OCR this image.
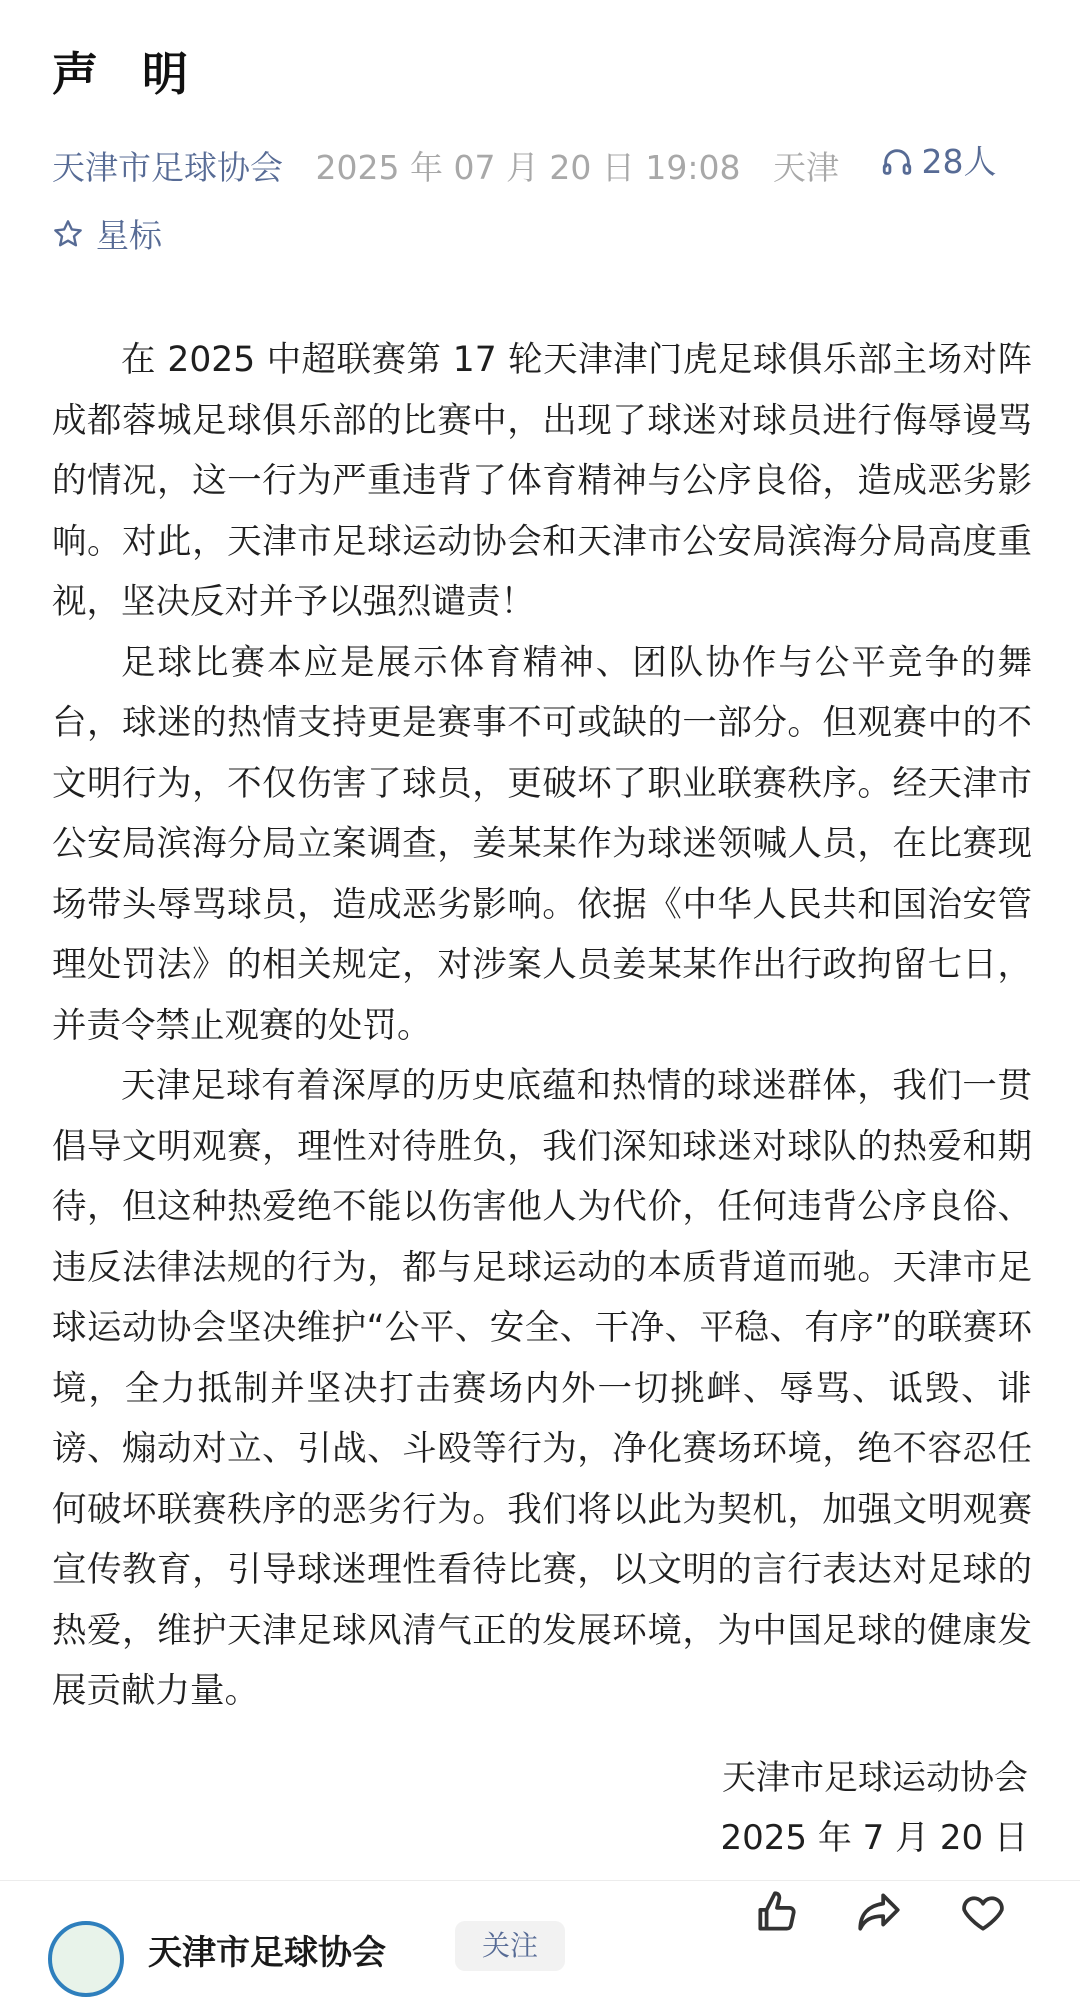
声 明
天津市足球协会 2025 年 07 月 20 日 19:08 天津	28人
星标

在 2025 中超联赛第 17 轮天津津门虎足球俱乐部主场对阵成都蓉城足球俱乐部的比赛中，出现了球迷对球员进行侮辱谩骂的情况，这一行为严重违背了体育精神与公序良俗，造成恶劣影响。对此，天津市足球运动协会和天津市公安局滨海分局高度重视，坚决反对并予以强烈谴责！

足球比赛本应是展示体育精神、团队协作与公平竞争的舞台，球迷的热情支持更是赛事不可或缺的一部分。但观赛中的不文明行为，不仅伤害了球员，更破坏了职业联赛秩序。经天津市公安局滨海分局立案调查，姜某某作为球迷领喊人员，在比赛现场带头辱骂球员，造成恶劣影响。依据《中华人民共和国治安管理处罚法》的相关规定，对涉案人员姜某某作出行政拘留七日，并责令禁止观赛的处罚。

天津足球有着深厚的历史底蕴和热情的球迷群体，我们一贯倡导文明观赛，理性对待胜负，我们深知球迷对球队的热爱和期待，但这种热爱绝不能以伤害他人为代价，任何违背公序良俗、违反法律法规的行为，都与足球运动的本质背道而驰。天津市足球运动协会坚决维护“公平、安全、干净、平稳、有序”的联赛环境，全力抵制并坚决打击赛场内外一切挑衅、辱骂、诋毁、诽谤、煽动对立、引战、斗殴等行为，净化赛场环境，绝不容忍任何破坏联赛秩序的恶劣行为。我们将以此为契机，加强文明观赛宣传教育，引导球迷理性看待比赛，以文明的言行表达对足球的热爱，维护天津足球风清气正的发展环境，为中国足球的健康发展贡献力量。

天津市足球运动协会
2025 年 7 月 20 日
天津市足球协会	关注
